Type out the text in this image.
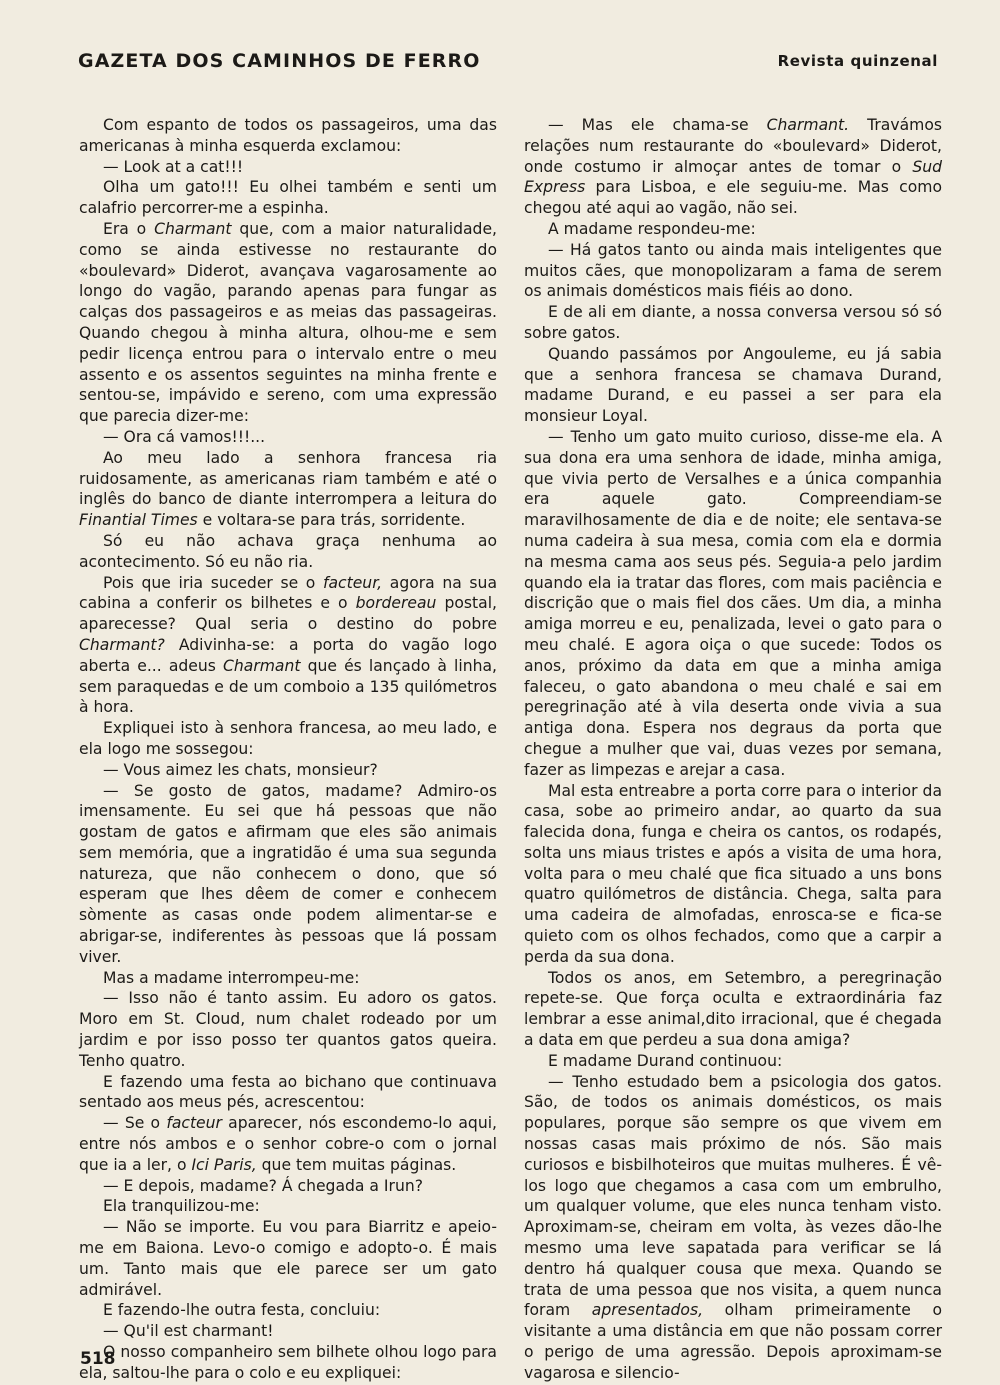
GAZETA DOS CAMINHOS DE FERRO	Revista quinzenal

Com espanto de todos os passageiros, uma das americanas à minha esquerda exclamou:

— Look at a cat!!!

Olha um gato!!! Eu olhei também e senti um calafrio percorrer-me a espinha.

Era o Charmant que, com a maior naturalidade, como se ainda estivesse no restaurante do «boulevard» Diderot, avançava vagarosamente ao longo do vagão, parando apenas para fungar as calças dos passageiros e as meias das passageiras. Quando chegou à minha altura, olhou-me e sem pedir licença entrou para o intervalo entre o meu assento e os assentos seguintes na minha frente e sentou-se, impávido e sereno, com uma expressão que parecia dizer-me:

— Ora cá vamos!!!...

Ao meu lado a senhora francesa ria ruidosamente, as americanas riam também e até o inglês do banco de diante interrompera a leitura do Finantial Times e voltara-se para trás, sorridente.

Só eu não achava graça nenhuma ao acontecimento. Só eu não ria.

Pois que iria suceder se o facteur, agora na sua cabina a conferir os bilhetes e o bordereau postal, aparecesse? Qual seria o destino do pobre Charmant? Adivinha-se: a porta do vagão logo aberta e... adeus Charmant que és lançado à linha, sem paraquedas e de um comboio a 135 quilómetros à hora.

Expliquei isto à senhora francesa, ao meu lado, e ela logo me sossegou:

— Vous aimez les chats, monsieur?

— Se gosto de gatos, madame? Admiro-os imensamente. Eu sei que há pessoas que não gostam de gatos e afirmam que eles são animais sem memória, que a ingratidão é uma sua segunda natureza, que não conhecem o dono, que só esperam que lhes dêem de comer e conhecem sòmente as casas onde podem alimentar-se e abrigar-se, indiferentes às pessoas que lá possam viver.

Mas a madame interrompeu-me:

— Isso não é tanto assim. Eu adoro os gatos. Moro em St. Cloud, num chalet rodeado por um jardim e por isso posso ter quantos gatos queira. Tenho quatro.

E fazendo uma festa ao bichano que continuava sentado aos meus pés, acrescentou:

— Se o facteur aparecer, nós escondemo-lo aqui, entre nós ambos e o senhor cobre-o com o jornal que ia a ler, o Ici Paris, que tem muitas páginas.

— E depois, madame? Á chegada a Irun?

Ela tranquilizou-me:

— Não se importe. Eu vou para Biarritz e apeio-me em Baiona. Levo-o comigo e adopto-o. É mais um. Tanto mais que ele parece ser um gato admirável.

E fazendo-lhe outra festa, concluiu:

— Qu'il est charmant!

O nosso companheiro sem bilhete olhou logo para ela, saltou-lhe para o colo e eu expliquei:

— Mas ele chama-se Charmant. Travámos relações num restaurante do «boulevard» Diderot, onde costumo ir almoçar antes de tomar o Sud Express para Lisboa, e ele seguiu-me. Mas como chegou até aqui ao vagão, não sei.

A madame respondeu-me:

— Há gatos tanto ou ainda mais inteligentes que muitos cães, que monopolizaram a fama de serem os animais domésticos mais fiéis ao dono.

E de ali em diante, a nossa conversa versou só só sobre gatos.

Quando passámos por Angouleme, eu já sabia que a senhora francesa se chamava Durand, madame Durand, e eu passei a ser para ela monsieur Loyal.

— Tenho um gato muito curioso, disse-me ela. A sua dona era uma senhora de idade, minha amiga, que vivia perto de Versalhes e a única companhia era aquele gato. Compreendiam-se maravilhosamente de dia e de noite; ele sentava-se numa cadeira à sua mesa, comia com ela e dormia na mesma cama aos seus pés. Seguia-a pelo jardim quando ela ia tratar das flores, com mais paciência e discrição que o mais fiel dos cães. Um dia, a minha amiga morreu e eu, penalizada, levei o gato para o meu chalé. E agora oiça o que sucede: Todos os anos, próximo da data em que a minha amiga faleceu, o gato abandona o meu chalé e sai em peregrinação até à vila deserta onde vivia a sua antiga dona. Espera nos degraus da porta que chegue a mulher que vai, duas vezes por semana, fazer as limpezas e arejar a casa.

Mal esta entreabre a porta corre para o interior da casa, sobe ao primeiro andar, ao quarto da sua falecida dona, funga e cheira os cantos, os rodapés, solta uns miaus tristes e após a visita de uma hora, volta para o meu chalé que fica situado a uns bons quatro quilómetros de distância. Chega, salta para uma cadeira de almofadas, enrosca-se e fica-se quieto com os olhos fechados, como que a carpir a perda da sua dona.

Todos os anos, em Setembro, a peregrinação repete-se. Que força oculta e extraordinária faz lembrar a esse animal,dito irracional, que é chegada a data em que perdeu a sua dona amiga?

E madame Durand continuou:

— Tenho estudado bem a psicologia dos gatos. São, de todos os animais domésticos, os mais populares, porque são sempre os que vivem em nossas casas mais próximo de nós. São mais curiosos e bisbilhoteiros que muitas mulheres. É vê-los logo que chegamos a casa com um embrulho, um qualquer volume, que eles nunca tenham visto. Aproximam-se, cheiram em volta, às vezes dão-lhe mesmo uma leve sapatada para verificar se lá dentro há qualquer cousa que mexa. Quando se trata de uma pessoa que nos visita, a quem nunca foram apresentados, olham primeiramente o visitante a uma distância em que não possam correr o perigo de uma agressão. Depois aproximam-se vagarosa e silencio-

518
